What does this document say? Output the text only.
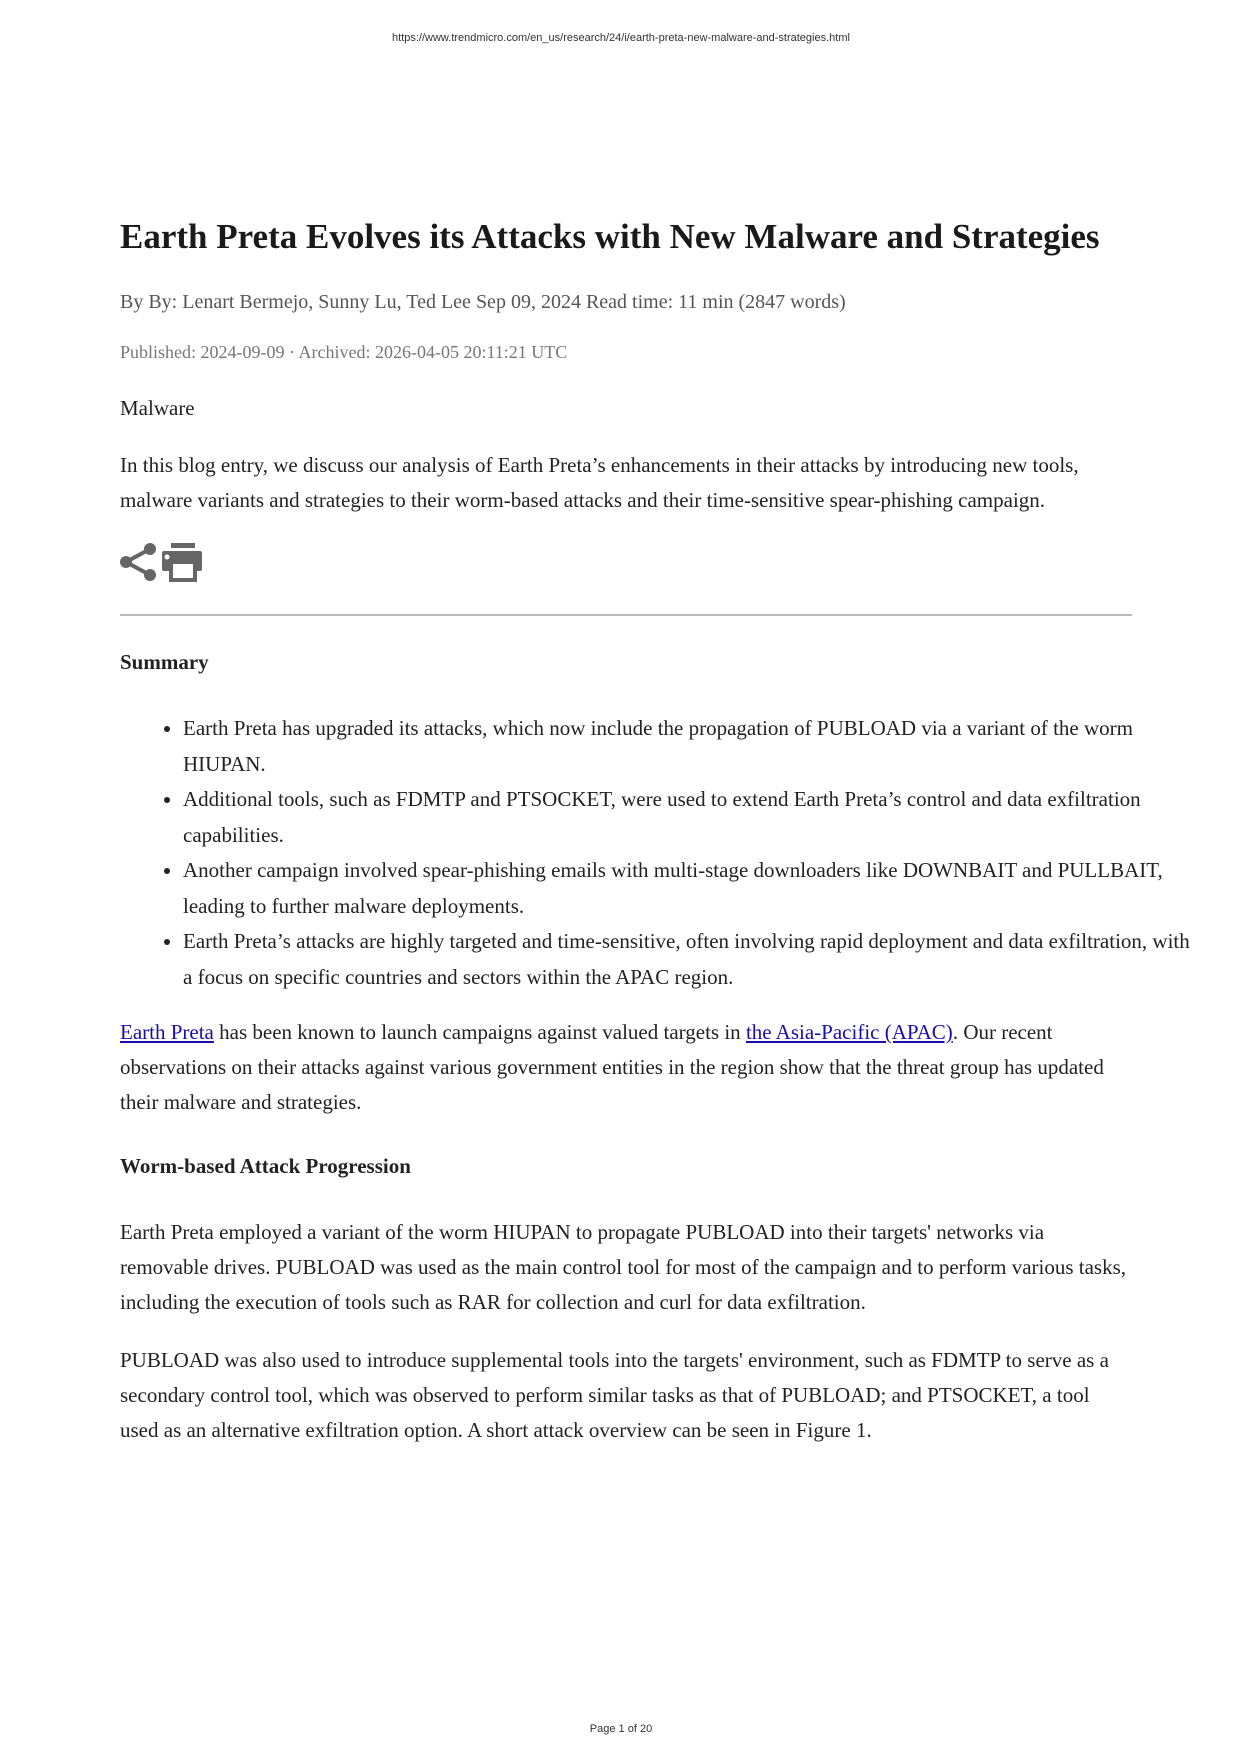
https://www.trendmicro.com/en_us/research/24/i/earth-preta-new-malware-and-strategies.html
Earth Preta Evolves its Attacks with New Malware and Strategies
By By: Lenart Bermejo, Sunny Lu, Ted Lee Sep 09, 2024 Read time: 11 min (2847 words)
Published: 2024-09-09 · Archived: 2026-04-05 20:11:21 UTC
Malware
In this blog entry, we discuss our analysis of Earth Preta’s enhancements in their attacks by introducing new tools, malware variants and strategies to their worm-based attacks and their time-sensitive spear-phishing campaign.
Summary
• Earth Preta has upgraded its attacks, which now include the propagation of PUBLOAD via a variant of the worm HIUPAN.
• Additional tools, such as FDMTP and PTSOCKET, were used to extend Earth Preta’s control and data exfiltration capabilities.
• Another campaign involved spear-phishing emails with multi-stage downloaders like DOWNBAIT and PULLBAIT, leading to further malware deployments.
• Earth Preta’s attacks are highly targeted and time-sensitive, often involving rapid deployment and data exfiltration, with a focus on specific countries and sectors within the APAC region.
Earth Preta has been known to launch campaigns against valued targets in the Asia-Pacific (APAC). Our recent observations on their attacks against various government entities in the region show that the threat group has updated their malware and strategies.
Worm-based Attack Progression
Earth Preta employed a variant of the worm HIUPAN to propagate PUBLOAD into their targets' networks via removable drives. PUBLOAD was used as the main control tool for most of the campaign and to perform various tasks, including the execution of tools such as RAR for collection and curl for data exfiltration.
PUBLOAD was also used to introduce supplemental tools into the targets' environment, such as FDMTP to serve as a secondary control tool, which was observed to perform similar tasks as that of PUBLOAD; and PTSOCKET, a tool used as an alternative exfiltration option. A short attack overview can be seen in Figure 1.
Page 1 of 20
